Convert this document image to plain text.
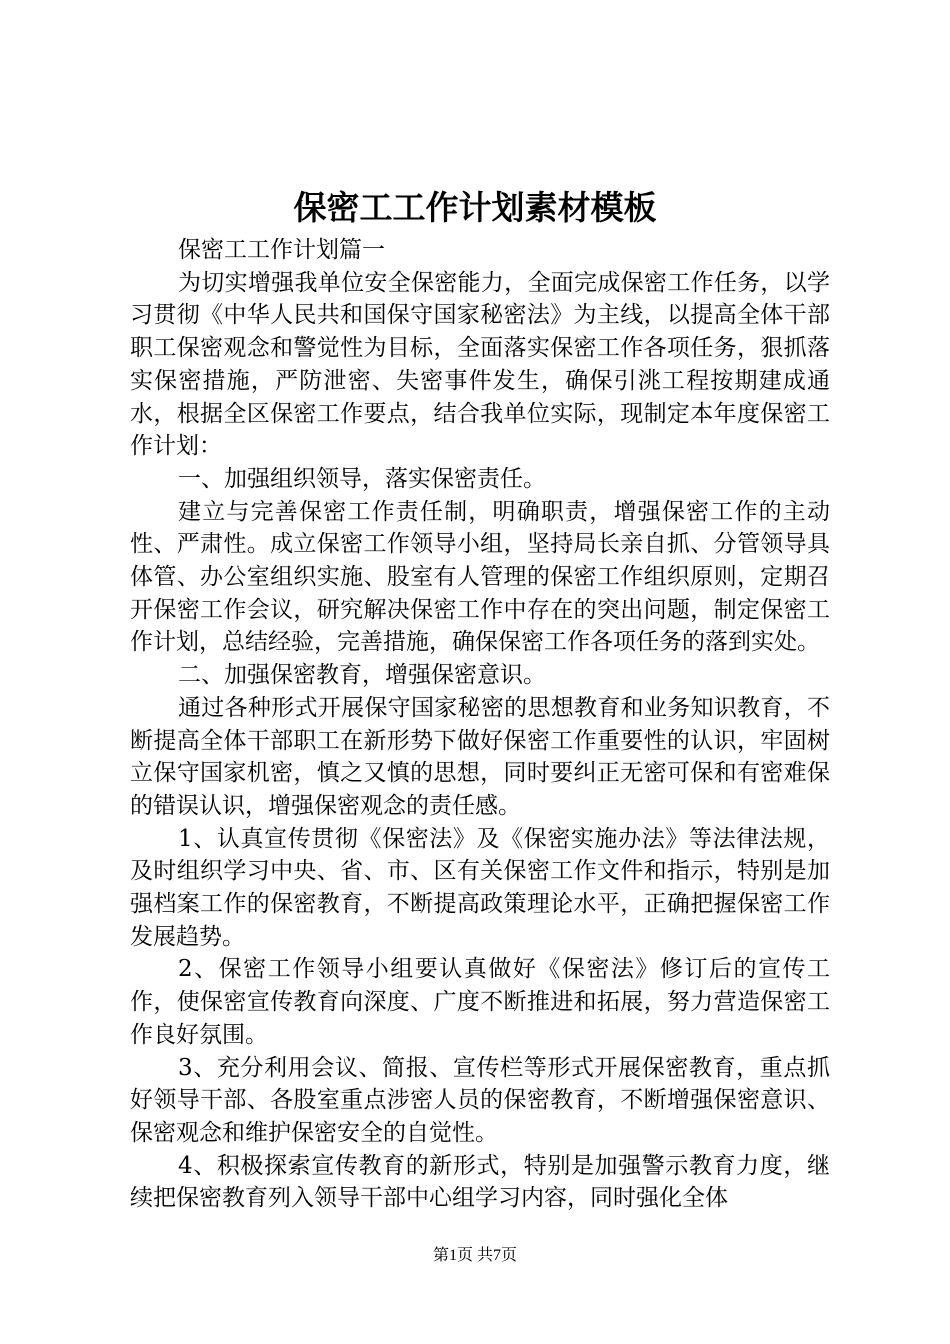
保密工工作计划素材模板

保密工工作计划篇一

为切实增强我单位安全保密能力，全面完成保密工作任务，以学习贯彻《中华人民共和国保守国家秘密法》为主线，以提高全体干部职工保密观念和警觉性为目标，全面落实保密工作各项任务，狠抓落实保密措施，严防泄密、失密事件发生，确保引洮工程按期建成通水，根据全区保密工作要点，结合我单位实际，现制定本年度保密工作计划：

一、加强组织领导，落实保密责任。

建立与完善保密工作责任制，明确职责，增强保密工作的主动性、严肃性。成立保密工作领导小组，坚持局长亲自抓、分管领导具体管、办公室组织实施、股室有人管理的保密工作组织原则，定期召开保密工作会议，研究解决保密工作中存在的突出问题，制定保密工作计划，总结经验，完善措施，确保保密工作各项任务的落到实处。

二、加强保密教育，增强保密意识。

通过各种形式开展保守国家秘密的思想教育和业务知识教育，不断提高全体干部职工在新形势下做好保密工作重要性的认识，牢固树立保守国家机密，慎之又慎的思想，同时要纠正无密可保和有密难保的错误认识，增强保密观念的责任感。

1、认真宣传贯彻《保密法》及《保密实施办法》等法律法规，及时组织学习中央、省、市、区有关保密工作文件和指示，特别是加强档案工作的保密教育，不断提高政策理论水平，正确把握保密工作发展趋势。

2、保密工作领导小组要认真做好《保密法》修订后的宣传工作，使保密宣传教育向深度、广度不断推进和拓展，努力营造保密工作良好氛围。

3、充分利用会议、简报、宣传栏等形式开展保密教育，重点抓好领导干部、各股室重点涉密人员的保密教育，不断增强保密意识、保密观念和维护保密安全的自觉性。

4、积极探索宣传教育的新形式，特别是加强警示教育力度，继续把保密教育列入领导干部中心组学习内容，同时强化全体

第1页 共7页
